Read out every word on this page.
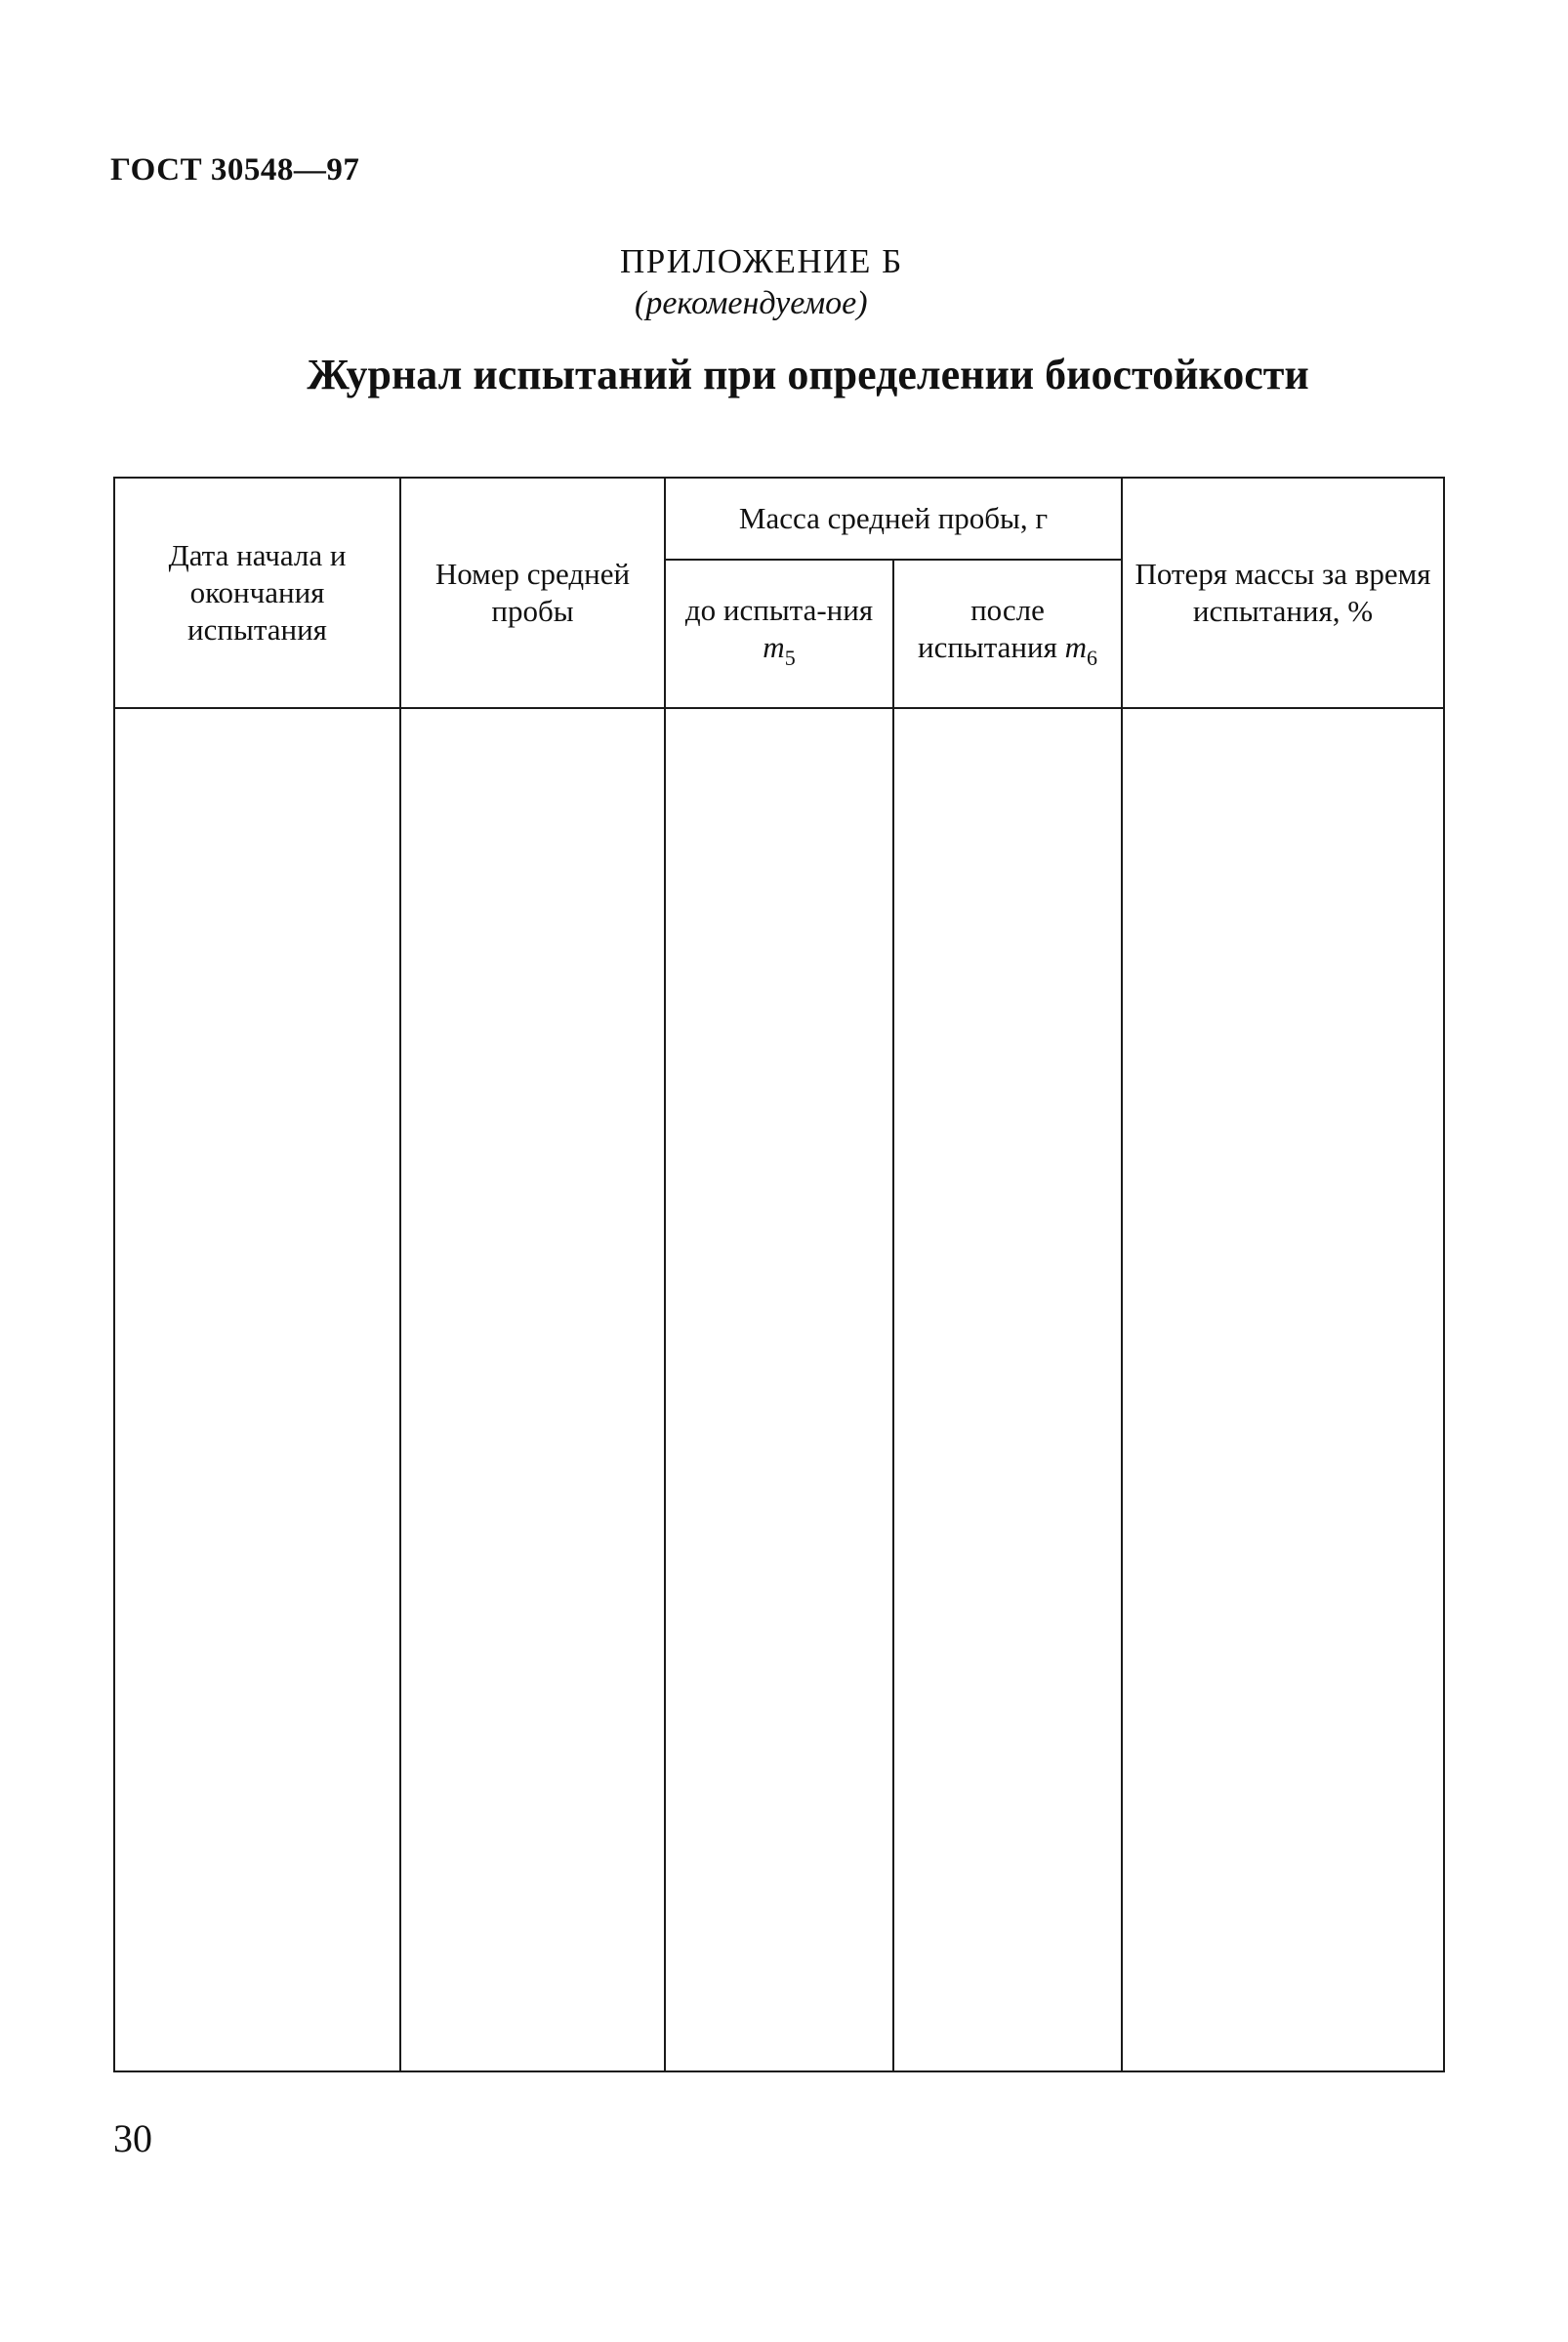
ГОСТ 30548—97
ПРИЛОЖЕНИЕ Б
(рекомендуемое)
Журнал испытаний при определении биостойкости
Дата начала и окончания испытания	Номер средней пробы	Масса средней пробы, г		Потеря массы за время испытания, %
		до испыта-ния $m_5$	после испытания $m_6$

30
